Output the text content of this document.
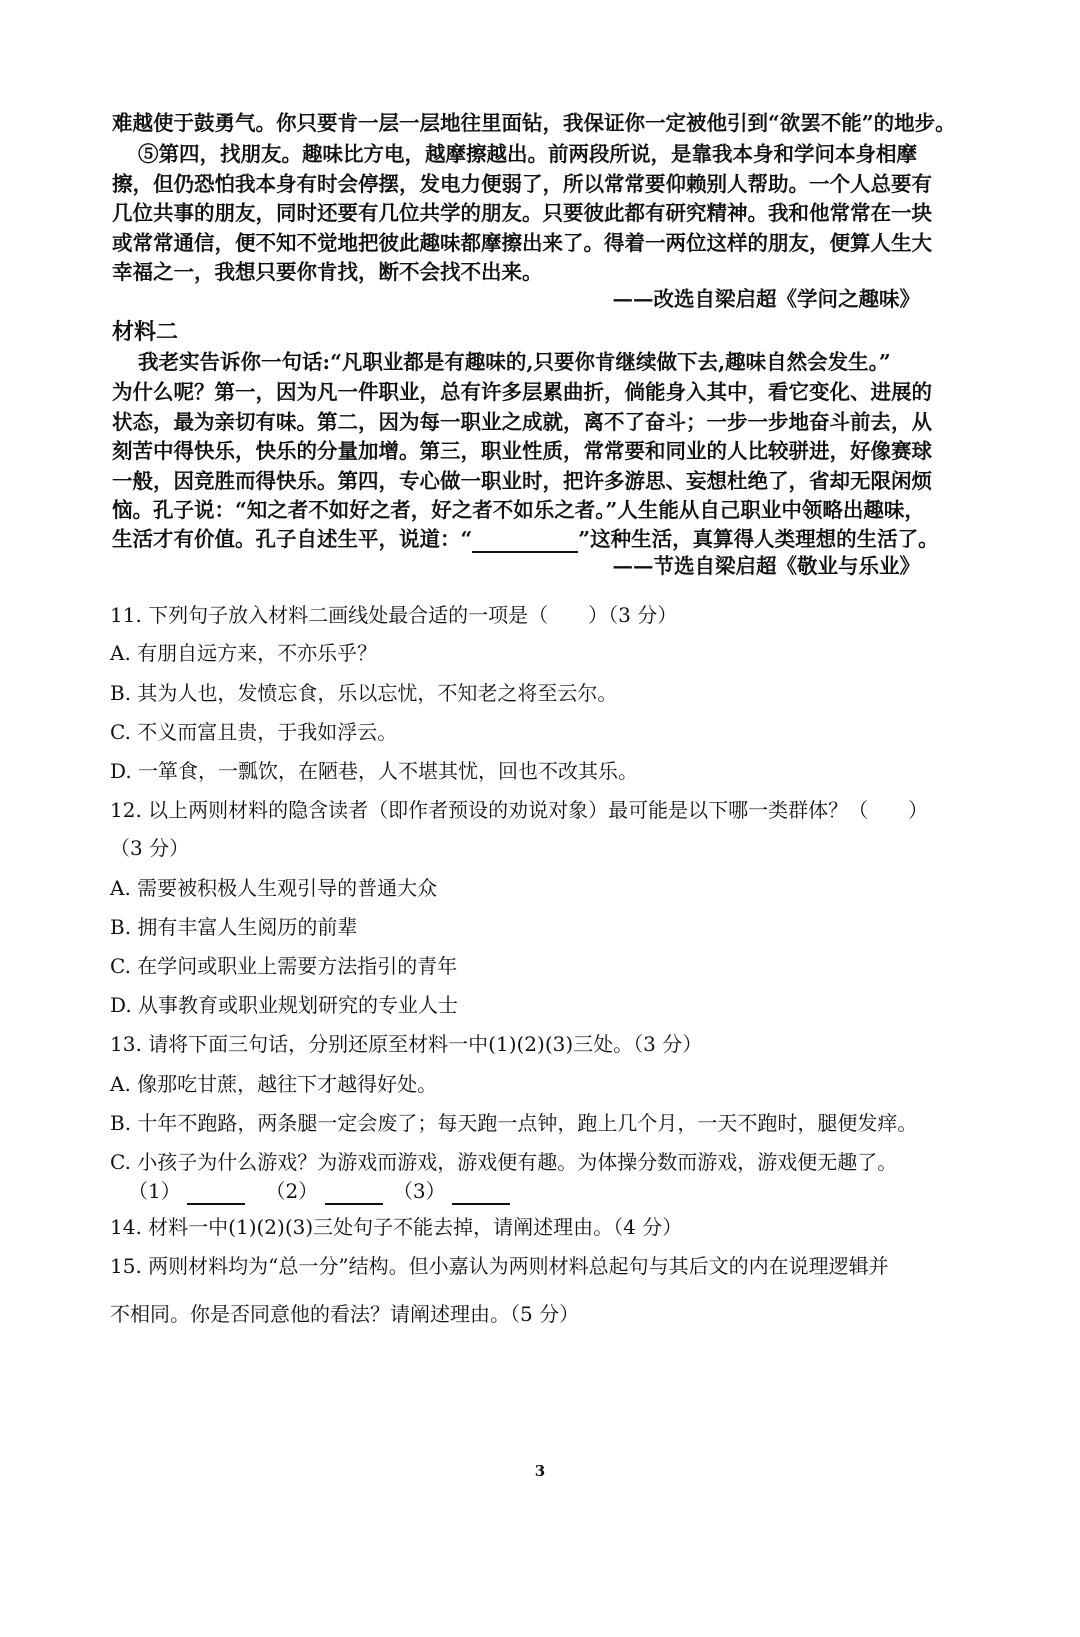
难越使于鼓勇气。你只要肯一层一层地往里面钻，我保证你一定被他引到“欲罢不能”的地步。
⑤第四，找朋友。趣味比方电，越摩擦越出。前两段所说，是靠我本身和学问本身相摩
擦，但仍恐怕我本身有时会停摆，发电力便弱了，所以常常要仰赖别人帮助。一个人总要有
几位共事的朋友，同时还要有几位共学的朋友。只要彼此都有研究精神。我和他常常在一块
或常常通信，便不知不觉地把彼此趣味都摩擦出来了。得着一两位这样的朋友，便算人生大
幸福之一，我想只要你肯找，断不会找不出来。
——改选自梁启超《学问之趣味》
材料二
我老实告诉你一句话:“凡职业都是有趣味的,只要你肯继续做下去,趣味自然会发生。”
为什么呢？第一，因为凡一件职业，总有许多层累曲折，倘能身入其中，看它变化、进展的
状态，最为亲切有味。第二，因为每一职业之成就，离不了奋斗；一步一步地奋斗前去，从
刻苦中得快乐，快乐的分量加增。第三，职业性质，常常要和同业的人比较骈进，好像赛球
一般，因竞胜而得快乐。第四，专心做一职业时，把许多游思、妄想杜绝了，省却无限闲烦
恼。孔子说：“知之者不如好之者，好之者不如乐之者。”人生能从自己职业中领略出趣味，
生活才有价值。孔子自述生平，说道：“	”这种生活，真算得人类理想的生活了。
——节选自梁启超《敬业与乐业》
11. 下列句子放入材料二画线处最合适的一项是（　　）（3 分）
A. 有朋自远方来，不亦乐乎？
B. 其为人也，发愤忘食，乐以忘忧，不知老之将至云尔。
C. 不义而富且贵，于我如浮云。
D. 一箪食，一瓢饮，在陋巷，人不堪其忧，回也不改其乐。
12. 以上两则材料的隐含读者（即作者预设的劝说对象）最可能是以下哪一类群体？（　　）
（3 分）
A. 需要被积极人生观引导的普通大众
B. 拥有丰富人生阅历的前辈
C. 在学问或职业上需要方法指引的青年
D. 从事教育或职业规划研究的专业人士
13. 请将下面三句话，分别还原至材料一中(1)(2)(3)三处。（3 分）
A. 像那吃甘蔗，越往下才越得好处。
B. 十年不跑路，两条腿一定会废了；每天跑一点钟，跑上几个月，一天不跑时，腿便发痒。
C. 小孩子为什么游戏？为游戏而游戏，游戏便有趣。为体操分数而游戏，游戏便无趣了。
（1）	（2）	（3）
14. 材料一中(1)(2)(3)三处句子不能去掉，请阐述理由。（4 分）
15. 两则材料均为“总一分”结构。但小嘉认为两则材料总起句与其后文的内在说理逻辑并
不相同。你是否同意他的看法？请阐述理由。（5 分）
3
